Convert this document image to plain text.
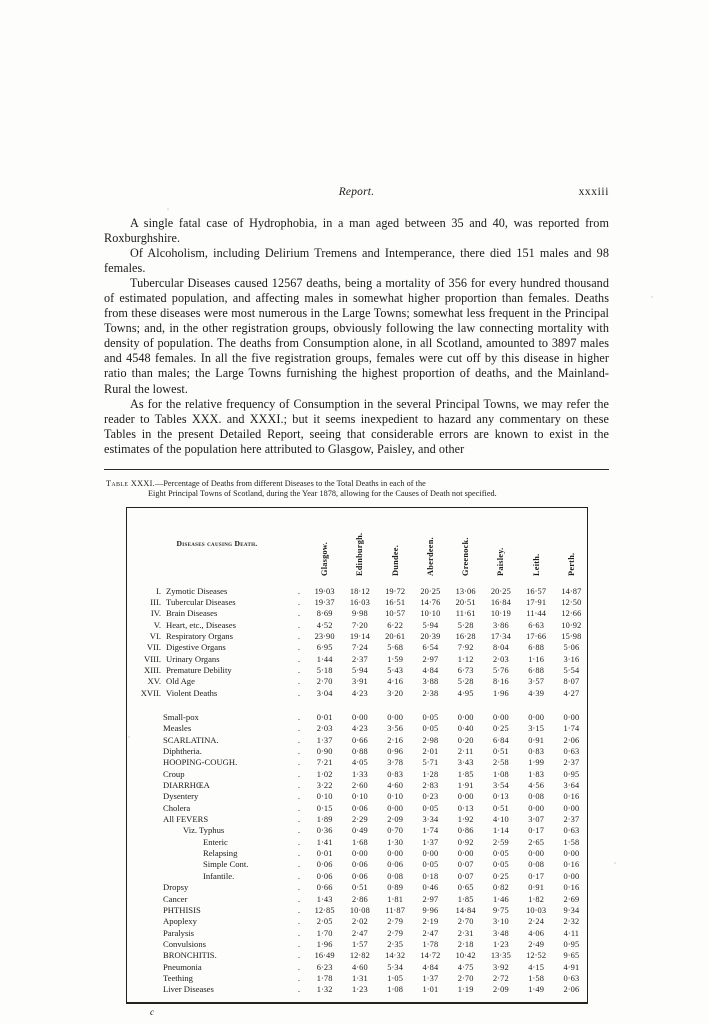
Report.	xxxiii

A single fatal case of Hydrophobia, in a man aged between 35 and 40, was reported from Roxburghshire.

Of Alcoholism, including Delirium Tremens and Intemperance, there died 151 males and 98 females.

Tubercular Diseases caused 12567 deaths, being a mortality of 356 for every hundred thousand of estimated population, and affecting males in somewhat higher proportion than females. Deaths from these diseases were most numerous in the Large Towns; somewhat less frequent in the Principal Towns; and, in the other registration groups, obviously following the law connecting mortality with density of population. The deaths from Consumption alone, in all Scotland, amounted to 3897 males and 4548 females. In all the five registration groups, females were cut off by this disease in higher ratio than males; the Large Towns furnishing the highest proportion of deaths, and the Mainland-Rural the lowest.

As for the relative frequency of Consumption in the several Principal Towns, we may refer the reader to Tables XXX. and XXXI.; but it seems inexpedient to hazard any commentary on these Tables in the present Detailed Report, seeing that considerable errors are known to exist in the estimates of the population here attributed to Glasgow, Paisley, and other

Table XXXI.—Percentage of Deaths from different Diseases to the Total Deaths in each of the
Eight Principal Towns of Scotland, during the Year 1878, allowing for the Causes of Death not specified.
Diseases causing Death.	Glasgow.	Edinburgh.	Dundee.	Aberdeen.	Greenock.	Paisley.	Leith.	Perth.

I. Zymotic Diseases .	19·03	18·12	19·72	20·25	13·06	20·25	16·57	14·87
III. Tubercular Diseases .	19·37	16·03	16·51	14·76	20·51	16·84	17·91	12·50
IV. Brain Diseases .	8·69	9·98	10·57	10·10	11·61	10·19	11·44	12·66
V. Heart, etc., Diseases .	4·52	7·20	6·22	5·94	5·28	3·86	6·63	10·92
VI. Respiratory Organs .	23·90	19·14	20·61	20·39	16·28	17·34	17·66	15·98
VII. Digestive Organs .	6·95	7·24	5·68	6·54	7·92	8·04	6·88	5·06
VIII. Urinary Organs .	1·44	2·37	1·59	2·97	1·12	2·03	1·16	3·16
XIII. Premature Debility .	5·18	5·94	5·43	4·84	6·73	5·76	6·88	5·54
XV. Old Age .	2·70	3·91	4·16	3·88	5·28	8·16	3·57	8·07
XVII. Violent Deaths .	3·04	4·23	3·20	2·38	4·95	1·96	4·39	4·27

Small-pox .	0·01	0·00	0·00	0·05	0·00	0·00	0·00	0·00
Measles .	2·03	4·23	3·56	0·05	0·40	0·25	3·15	1·74
SCARLATINA. .	1·37	0·66	2·16	2·98	0·20	6·84	0·91	2·06
Diphtheria. .	0·90	0·88	0·96	2·01	2·11	0·51	0·83	0·63
HOOPING-COUGH. .	7·21	4·05	3·78	5·71	3·43	2·58	1·99	2·37
Croup .	1·02	1·33	0·83	1·28	1·85	1·08	1·83	0·95
DIARRHŒA .	3·22	2·60	4·60	2·83	1·91	3·54	4·56	3·64
Dysentery .	0·10	0·10	0·10	0·23	0·00	0·13	0·08	0·16
Cholera .	0·15	0·06	0·00	0·05	0·13	0·51	0·00	0·00
All FEVERS .	1·89	2·29	2·09	3·34	1·92	4·10	3·07	2·37
Viz. Typhus .	0·36	0·49	0·70	1·74	0·86	1·14	0·17	0·63
Enteric .	1·41	1·68	1·30	1·37	0·92	2·59	2·65	1·58
Relapsing .	0·01	0·00	0·00	0·00	0·00	0·05	0·00	0·00
Simple Cont. .	0·06	0·06	0·06	0·05	0·07	0·05	0·08	0·16
Infantile. .	0·06	0·06	0·08	0·18	0·07	0·25	0·17	0·00
Dropsy .	0·66	0·51	0·89	0·46	0·65	0·82	0·91	0·16
Cancer .	1·43	2·86	1·81	2·97	1·85	1·46	1·82	2·69
PHTHISIS .	12·85	10·08	11·87	9·96	14·84	9·75	10·03	9·34
Apoplexy .	2·05	2·02	2·79	2·19	2·70	3·10	2·24	2·32
Paralysis .	1·70	2·47	2·79	2·47	2·31	3·48	4·06	4·11
Convulsions .	1·96	1·57	2·35	1·78	2·18	1·23	2·49	0·95
BRONCHITIS. .	16·49	12·82	14·32	14·72	10·42	13·35	12·52	9·65
Pneumonia .	6·23	4·60	5·34	4·84	4·75	3·92	4·15	4·91
Teething .	1·78	1·31	1·05	1·37	2·70	2·72	1·58	0·63
Liver Diseases .	1·32	1·23	1·08	1·01	1·19	2·09	1·49	2·06

c
